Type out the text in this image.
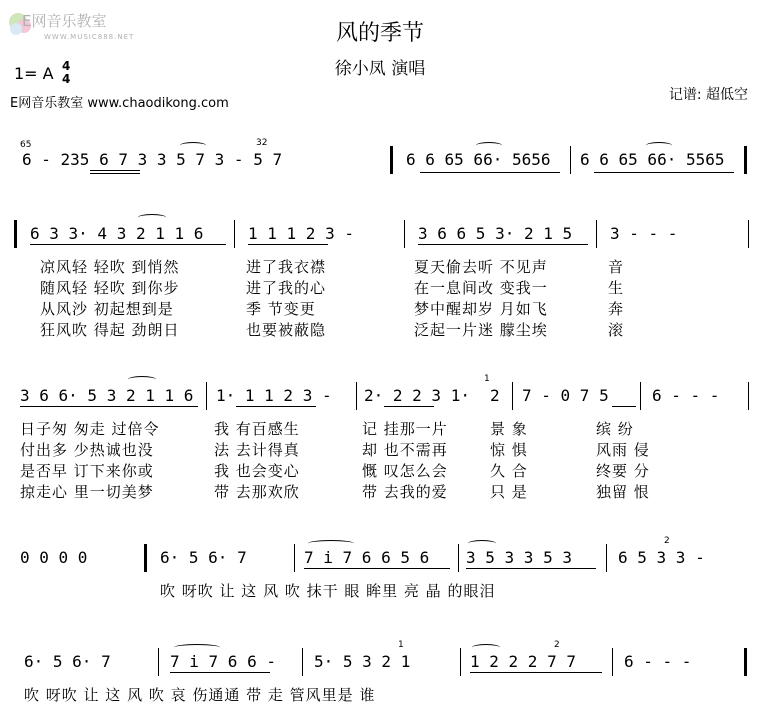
E网音乐教室
WWW.MUSIC888.NET	风的季节
徐小凤 演唱
1= A 4
4
E网音乐教室 www.chaodikong.com
记谱: 超低空
65	32
6 - 235 6 7 3 3 5 7 3 - 5 7	6 6 65 66· 5656 6 6 65 66· 5565
6 3 3· 4 3 2 1 1 6	1 1 1 2 3 -	3 6 6 5 3· 2 1 5 3 - - -
凉风轻 轻吹 到悄然	进了我衣襟	夏天偷去听 不见声	音
随风轻 轻吹 到你步	进了我的心	在一息间改 变我一	生
从风沙 初起想到是	季 节变更	梦中醒却岁 月如飞	奔
狂风吹 得起 劲朗日	也要被蔽隐	泛起一片迷 朦尘埃	滚
3 6 6· 5 3 2 1 1 6 1· 1 1 2 3 - 2· 2 2 3 1·
1
2 7 - 0 7 5	6 - - -
日子匆 匆走 过倍令	我 有百感生	记 挂那一片	景 象	缤 纷
付出多 少热诚也没	法 去计得真	却 也不需再	惊 惧	风雨 侵
是否早 订下来你或	我 也会变心	慨 叹怎么会	久 合	终要 分
掠走心 里一切美梦	带 去那欢欣	带 去我的爱	只 是	独留 恨
0 0 0 0	6· 5 6· 7	7 i 7 6 6 5 6 3 5 3 3 5 3
2
6 5 3 3 -
吹 呀吹 让 这 风 吹 抹干 眼 眸里 亮 晶 的眼泪
6· 5 6· 7	7 i 7 6 6 -
1
5· 5 3 2 1
2
1 2 2 2 7 7	6 - - -
吹 呀吹 让 这 风 吹 哀 伤通通 带 走 管风里是 谁
